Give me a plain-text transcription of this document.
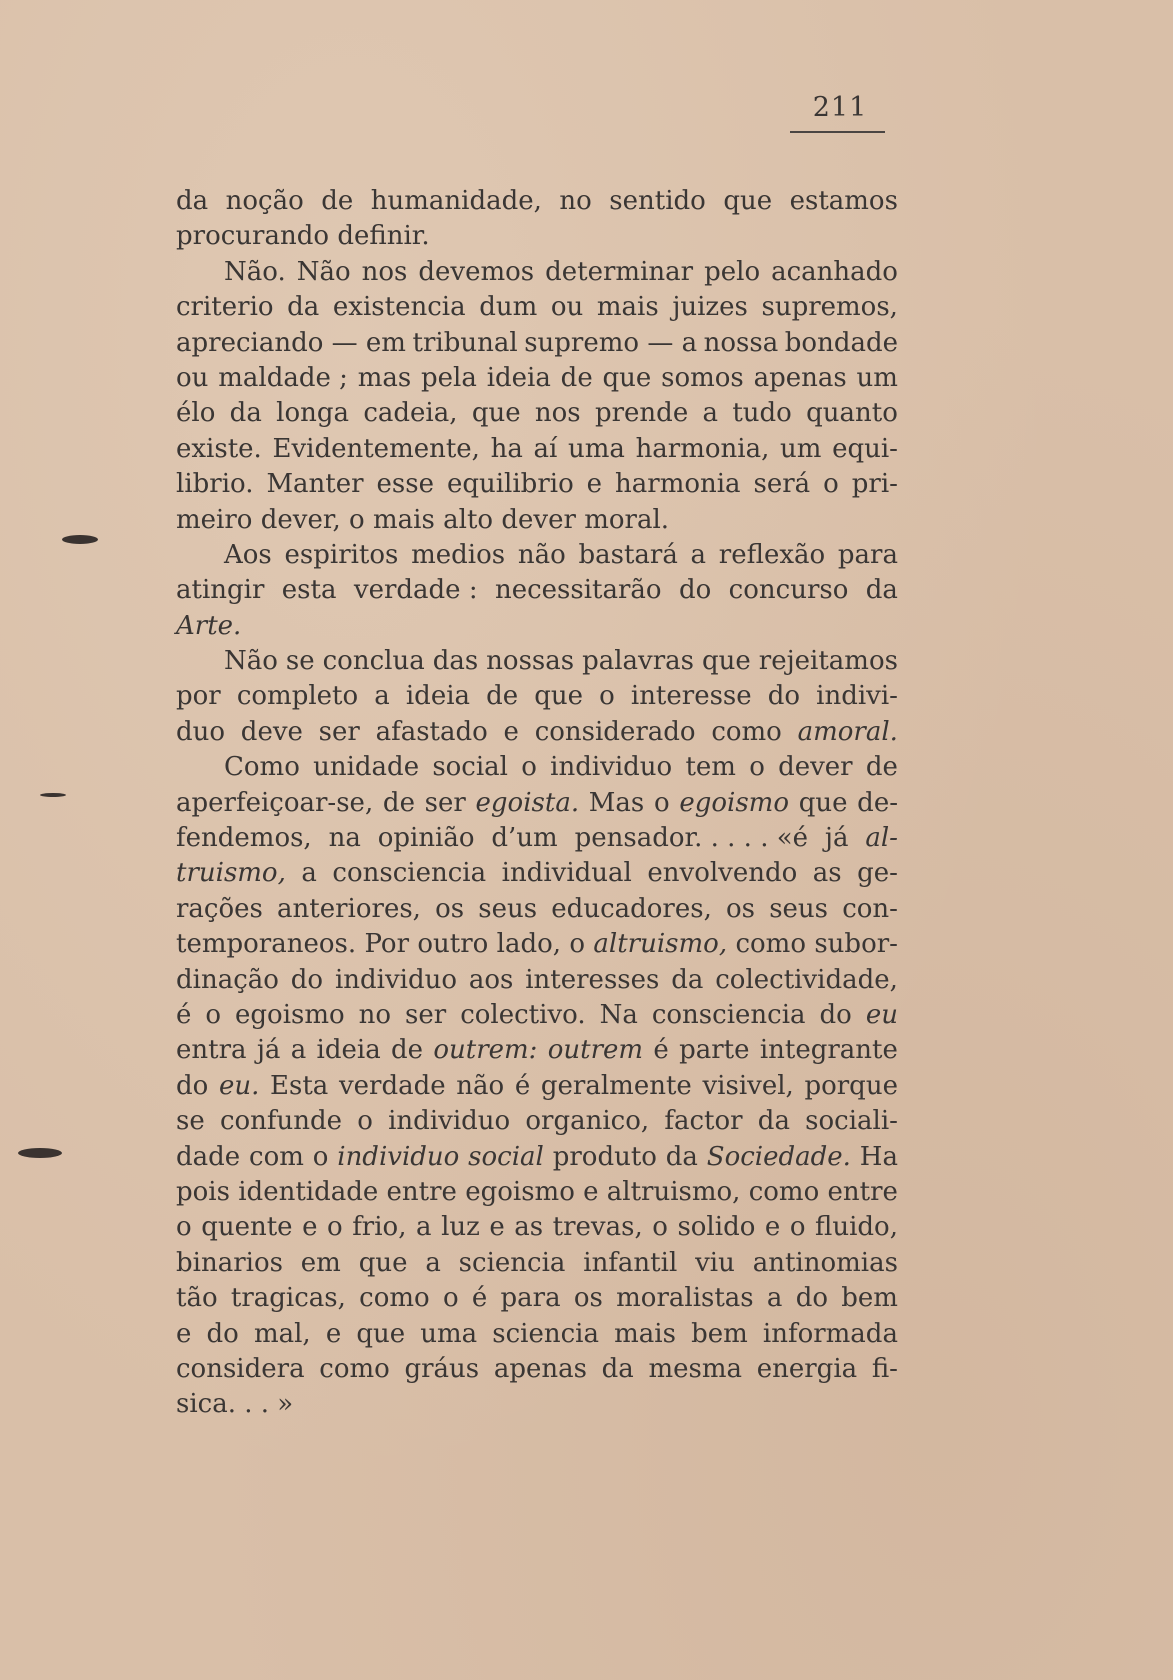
211
da noção de humanidade, no sentido que estamos
procurando definir.
Não. Não nos devemos determinar pelo acanhado
criterio da existencia dum ou mais juizes supremos,
apreciando — em tribunal supremo — a nossa bondade
ou maldade ; mas pela ideia de que somos apenas um
élo da longa cadeia, que nos prende a tudo quanto
existe. Evidentemente, ha aí uma harmonia, um equi-
librio. Manter esse equilibrio e harmonia será o pri-
meiro dever, o mais alto dever moral.
Aos espiritos medios não bastará a reflexão para
atingir esta verdade : necessitarão do concurso da
Arte.
Não se conclua das nossas palavras que rejeitamos
por completo a ideia de que o interesse do indivi-
duo deve ser afastado e considerado como amoral.
Como unidade social o individuo tem o dever de
aperfeiçoar-se, de ser egoista. Mas o egoismo que de-
fendemos, na opinião d’um pensador. . . . . «é já al-
truismo, a consciencia individual envolvendo as ge-
rações anteriores, os seus educadores, os seus con-
temporaneos. Por outro lado, o altruismo, como subor-
dinação do individuo aos interesses da colectividade,
é o egoismo no ser colectivo. Na consciencia do eu
entra já a ideia de outrem: outrem é parte integrante
do eu. Esta verdade não é geralmente visivel, porque
se confunde o individuo organico, factor da sociali-
dade com o individuo social produto da Sociedade. Ha
pois identidade entre egoismo e altruismo, como entre
o quente e o frio, a luz e as trevas, o solido e o fluido,
binarios em que a sciencia infantil viu antinomias
tão tragicas, como o é para os moralistas a do bem
e do mal, e que uma sciencia mais bem informada
considera como gráus apenas da mesma energia fi-
sica. . . »
